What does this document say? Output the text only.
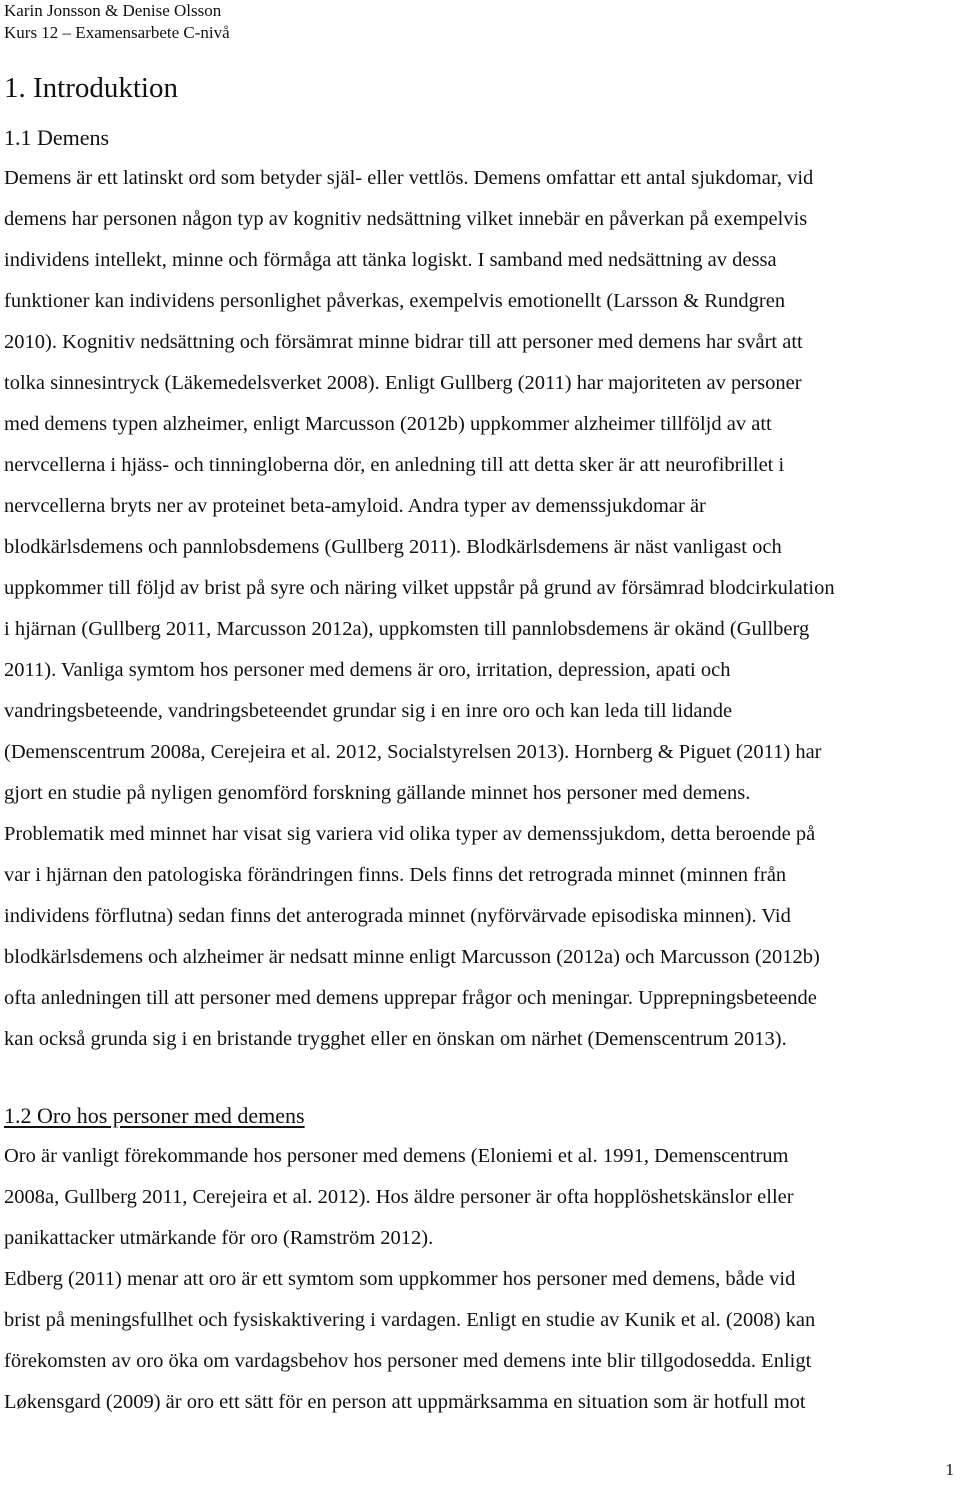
Karin Jonsson & Denise Olsson
Kurs 12 – Examensarbete C-nivå
1. Introduktion
1.1 Demens
Demens är ett latinskt ord som betyder själ- eller vettlös. Demens omfattar ett antal sjukdomar, vid
demens har personen någon typ av kognitiv nedsättning vilket innebär en påverkan på exempelvis
individens intellekt, minne och förmåga att tänka logiskt. I samband med nedsättning av dessa
funktioner kan individens personlighet påverkas, exempelvis emotionellt (Larsson & Rundgren
2010). Kognitiv nedsättning och försämrat minne bidrar till att personer med demens har svårt att
tolka sinnesintryck (Läkemedelsverket 2008). Enligt Gullberg (2011) har majoriteten av personer
med demens typen alzheimer, enligt Marcusson (2012b) uppkommer alzheimer tillföljd av att
nervcellerna i hjäss- och tinningloberna dör, en anledning till att detta sker är att neurofibrillet i
nervcellerna bryts ner av proteinet beta-amyloid. Andra typer av demenssjukdomar är
blodkärlsdemens och pannlobsdemens (Gullberg 2011). Blodkärlsdemens är näst vanligast och
uppkommer till följd av brist på syre och näring vilket uppstår på grund av försämrad blodcirkulation
i hjärnan (Gullberg 2011, Marcusson 2012a), uppkomsten till pannlobsdemens är okänd (Gullberg
2011). Vanliga symtom hos personer med demens är oro, irritation, depression, apati och
vandringsbeteende, vandringsbeteendet grundar sig i en inre oro och kan leda till lidande
(Demenscentrum 2008a, Cerejeira et al. 2012, Socialstyrelsen 2013). Hornberg & Piguet (2011) har
gjort en studie på nyligen genomförd forskning gällande minnet hos personer med demens.
Problematik med minnet har visat sig variera vid olika typer av demenssjukdom, detta beroende på
var i hjärnan den patologiska förändringen finns. Dels finns det retrograda minnet (minnen från
individens förflutna) sedan finns det anterograda minnet (nyförvärvade episodiska minnen). Vid
blodkärlsdemens och alzheimer är nedsatt minne enligt Marcusson (2012a) och Marcusson (2012b)
ofta anledningen till att personer med demens upprepar frågor och meningar. Upprepningsbeteende
kan också grunda sig i en bristande trygghet eller en önskan om närhet (Demenscentrum 2013).
1.2 Oro hos personer med demens
Oro är vanligt förekommande hos personer med demens (Eloniemi et al. 1991, Demenscentrum
2008a, Gullberg 2011, Cerejeira et al. 2012). Hos äldre personer är ofta hopplöshetskänslor eller
panikattacker utmärkande för oro (Ramström 2012).
Edberg (2011) menar att oro är ett symtom som uppkommer hos personer med demens, både vid
brist på meningsfullhet och fysiskaktivering i vardagen. Enligt en studie av Kunik et al. (2008) kan
förekomsten av oro öka om vardagsbehov hos personer med demens inte blir tillgodosedda. Enligt
Løkensgard (2009) är oro ett sätt för en person att uppmärksamma en situation som är hotfull mot
1
